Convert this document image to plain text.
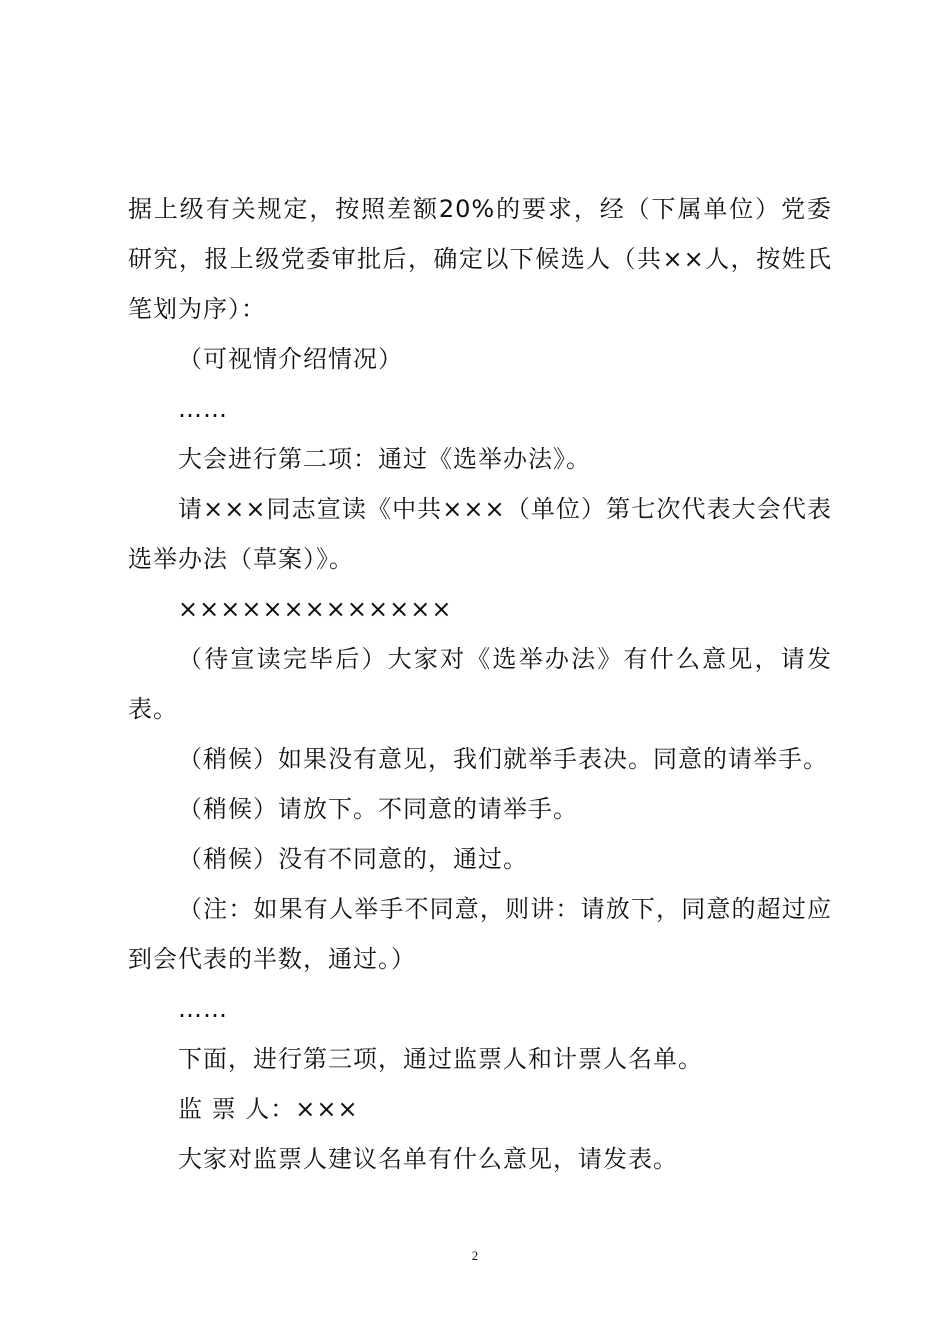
据上级有关规定，按照差额20%的要求，经（下属单位）党委研究，报上级党委审批后，确定以下候选人（共××人，按姓氏笔划为序）：

（可视情介绍情况）

……

大会进行第二项：通过《选举办法》。

请×××同志宣读《中共×××（单位）第七次代表大会代表选举办法（草案）》。

×××××××××××××

（待宣读完毕后）大家对《选举办法》有什么意见，请发表。

（稍候）如果没有意见，我们就举手表决。同意的请举手。

（稍候）请放下。不同意的请举手。

（稍候）没有不同意的，通过。

（注：如果有人举手不同意，则讲：请放下，同意的超过应到会代表的半数，通过。）

……

下面，进行第三项，通过监票人和计票人名单。

监 票 人：×××

大家对监票人建议名单有什么意见，请发表。

2
